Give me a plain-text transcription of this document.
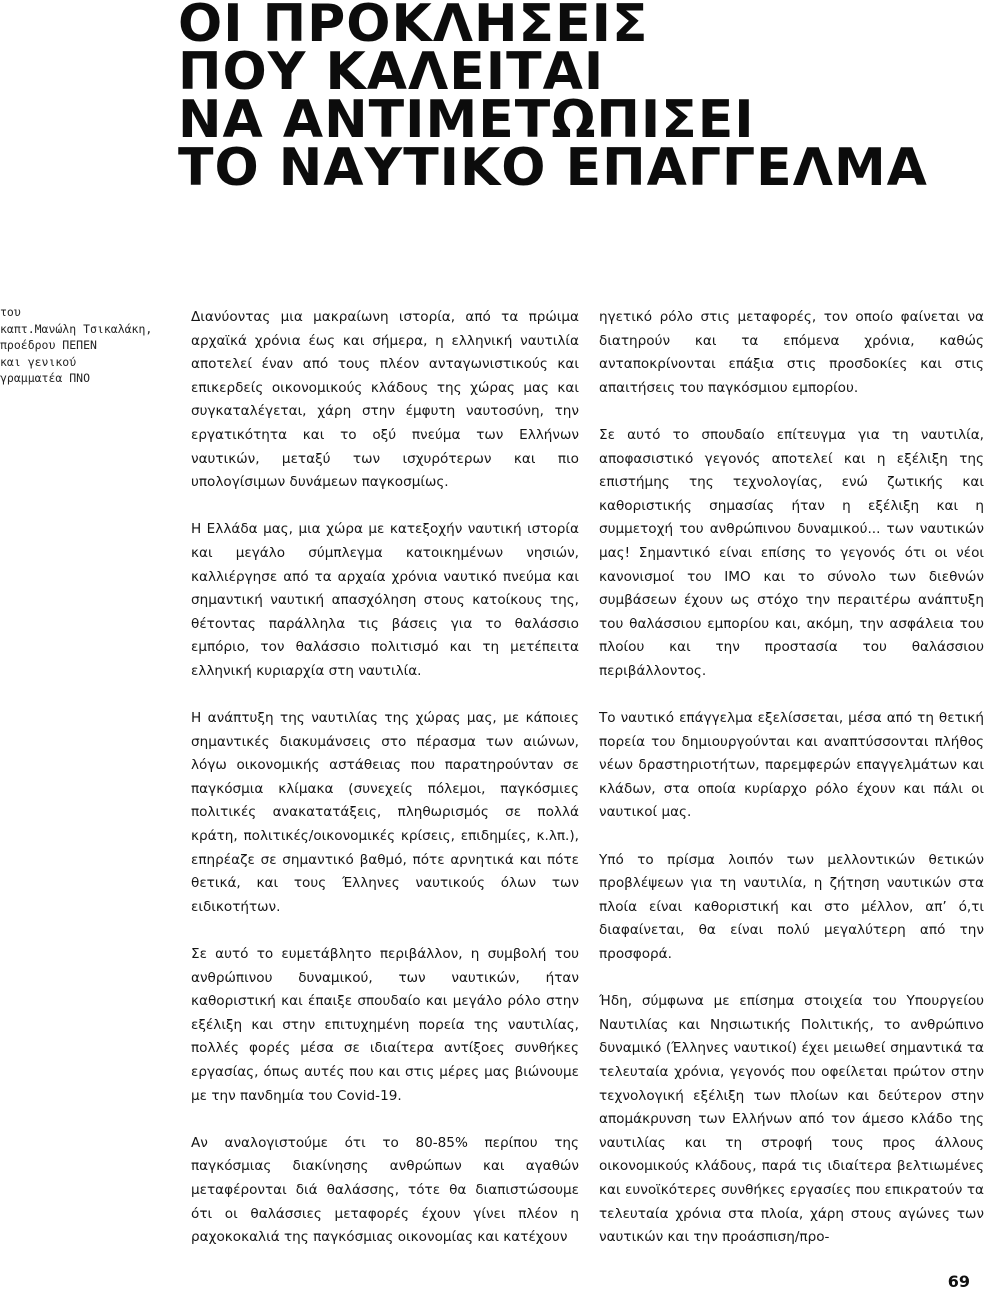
ΟΙ ΠΡΟΚΛΗΣΕΙΣ
ΠΟΥ ΚΑΛΕΙΤΑΙ
ΝΑ ΑΝΤΙΜΕΤΩΠΙΣΕΙ
ΤΟ ΝΑΥΤΙΚΟ ΕΠΑΓΓΕΛΜΑ
του
καπτ.Μανώλη Τσικαλάκη,
προέδρου ΠΕΠΕΝ
και γενικού
γραμματέα ΠΝΟ

Διανύοντας μια μακραίωνη ιστορία, από τα πρώιμα αρχαϊκά χρόνια έως και σήμερα, η ελληνική ναυτιλία αποτελεί έναν από τους πλέον ανταγωνιστικούς και επικερδείς οικονομικούς κλάδους της χώρας μας και συγκαταλέγεται, χάρη στην έμφυτη ναυτοσύνη, την εργατικότητα και το οξύ πνεύμα των Ελλήνων ναυτικών, μεταξύ των ισχυρότερων και πιο υπολογίσιμων δυνάμεων παγκοσμίως.

Η Ελλάδα μας, μια χώρα με κατεξοχήν ναυτική ιστορία και μεγάλο σύμπλεγμα κατοικημένων νησιών, καλλιέργησε από τα αρχαία χρόνια ναυτικό πνεύμα και σημαντική ναυτική απασχόληση στους κατοίκους της, θέτοντας παράλληλα τις βάσεις για το θαλάσσιο εμπόριο, τον θαλάσσιο πολιτισμό και τη μετέπειτα ελληνική κυριαρχία στη ναυτιλία.

Η ανάπτυξη της ναυτιλίας της χώρας μας, με κάποιες σημαντικές διακυμάνσεις στο πέρασμα των αιώνων, λόγω οικονομικής αστάθειας που παρατηρούνταν σε παγκόσμια κλίμακα (συνεχείς πόλεμοι, παγκόσμιες πολιτικές ανακατατάξεις, πληθωρισμός σε πολλά κράτη, πολιτικές/οικονομικές κρίσεις, επιδημίες, κ.λπ.), επηρέαζε σε σημαντικό βαθμό, πότε αρνητικά και πότε θετικά, και τους Έλληνες ναυτικούς όλων των ειδικοτήτων.

Σε αυτό το ευμετάβλητο περιβάλλον, η συμβολή του ανθρώπινου δυναμικού, των ναυτικών, ήταν καθοριστική και έπαιξε σπουδαίο και μεγάλο ρόλο στην εξέλιξη και στην επιτυχημένη πορεία της ναυτιλίας, πολλές φορές μέσα σε ιδιαίτερα αντίξοες συνθήκες εργασίας, όπως αυτές που και στις μέρες μας βιώνουμε με την πανδημία του Covid-19.

Αν αναλογιστούμε ότι το 80-85% περίπου της παγκόσμιας διακίνησης ανθρώπων και αγαθών μεταφέρονται διά θαλάσσης, τότε θα διαπιστώσουμε ότι οι θαλάσσιες μεταφορές έχουν γίνει πλέον η ραχοκοκαλιά της παγκόσμιας οικονομίας και κατέχουν

ηγετικό ρόλο στις μεταφορές, τον οποίο φαίνεται να διατηρούν και τα επόμενα χρόνια, καθώς ανταποκρίνονται επάξια στις προσδοκίες και στις απαιτήσεις του παγκόσμιου εμπορίου.

Σε αυτό το σπουδαίο επίτευγμα για τη ναυτιλία, αποφασιστικό γεγονός αποτελεί και η εξέλιξη της επιστήμης της τεχνολογίας, ενώ ζωτικής και καθοριστικής σημασίας ήταν η εξέλιξη και η συμμετοχή του ανθρώπινου δυναμικού... των ναυτικών μας! Σημαντικό είναι επίσης το γεγονός ότι οι νέοι κανονισμοί του ΙΜΟ και το σύνολο των διεθνών συμβάσεων έχουν ως στόχο την περαιτέρω ανάπτυξη του θαλάσσιου εμπορίου και, ακόμη, την ασφάλεια του πλοίου και την προστασία του θαλάσσιου περιβάλλοντος.

Το ναυτικό επάγγελμα εξελίσσεται, μέσα από τη θετική πορεία του δημιουργούνται και αναπτύσσονται πλήθος νέων δραστηριοτήτων, παρεμφερών επαγγελμάτων και κλάδων, στα οποία κυρίαρχο ρόλο έχουν και πάλι οι ναυτικοί μας.

Υπό το πρίσμα λοιπόν των μελλοντικών θετικών προβλέψεων για τη ναυτιλία, η ζήτηση ναυτικών στα πλοία είναι καθοριστική και στο μέλλον, απ’ ό,τι διαφαίνεται, θα είναι πολύ μεγαλύτερη από την προσφορά.

Ήδη, σύμφωνα με επίσημα στοιχεία του Υπουργείου Ναυτιλίας και Νησιωτικής Πολιτικής, το ανθρώπινο δυναμικό (Έλληνες ναυτικοί) έχει μειωθεί σημαντικά τα τελευταία χρόνια, γεγονός που οφείλεται πρώτον στην τεχνολογική εξέλιξη των πλοίων και δεύτερον στην απομάκρυνση των Ελλήνων από τον άμεσο κλάδο της ναυτιλίας και τη στροφή τους προς άλλους οικονομικούς κλάδους, παρά τις ιδιαίτερα βελτιωμένες και ευνοϊκότερες συνθήκες εργασίες που επικρατούν τα τελευταία χρόνια στα πλοία, χάρη στους αγώνες των ναυτικών και την προάσπιση/προ-

69
